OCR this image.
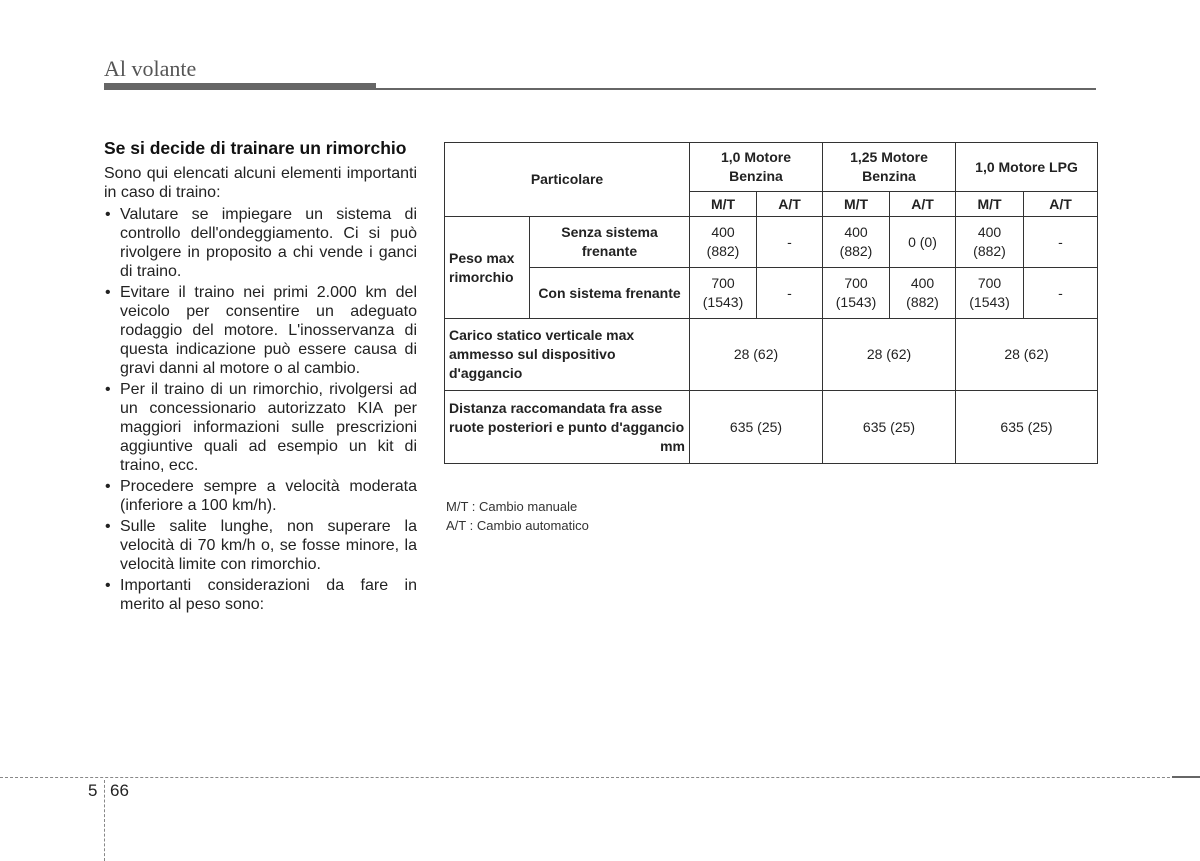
Al volante
Se si decide di trainare un rimorchio
Sono qui elencati alcuni elementi importanti in caso di traino:
• Valutare se impiegare un sistema di controllo dell'ondeggiamento. Ci si può rivolgere in proposito a chi vende i ganci di traino.
• Evitare il traino nei primi 2.000 km del veicolo per consentire un adeguato rodaggio del motore. L'inosservanza di questa indicazione può essere causa di gravi danni al motore o al cambio.
• Per il traino di un rimorchio, rivolgersi ad un concessionario autorizzato KIA per maggiori informazioni sulle prescrizioni aggiuntive quali ad esempio un kit di traino, ecc.
• Procedere sempre a velocità moderata (inferiore a 100 km/h).
• Sulle salite lunghe, non superare la velocità di 70 km/h o, se fosse minore, la velocità limite con rimorchio.
• Importanti considerazioni da fare in merito al peso sono:
Particolare		1,0 Motore Benzina		1,25 Motore Benzina		1,0 Motore LPG	
		M/T	A/T	M/T	A/T	M/T	A/T
Peso max rimorchio	Senza sistema frenante	400 (882)	-	400 (882)	0 (0)	400 (882)	-
	Con sistema frenante	700 (1543)	-	700 (1543)	400 (882)	700 (1543)	-
Carico statico verticale max ammesso sul dispositivo d'aggancio		28 (62)		28 (62)		28 (62)	

Distanza raccomandata fra asse ruote posteriori e punto d'aggancio
mm		635 (25)		635 (25)		635 (25)	
M/T : Cambio manuale
A/T : Cambio automatico
5 66
